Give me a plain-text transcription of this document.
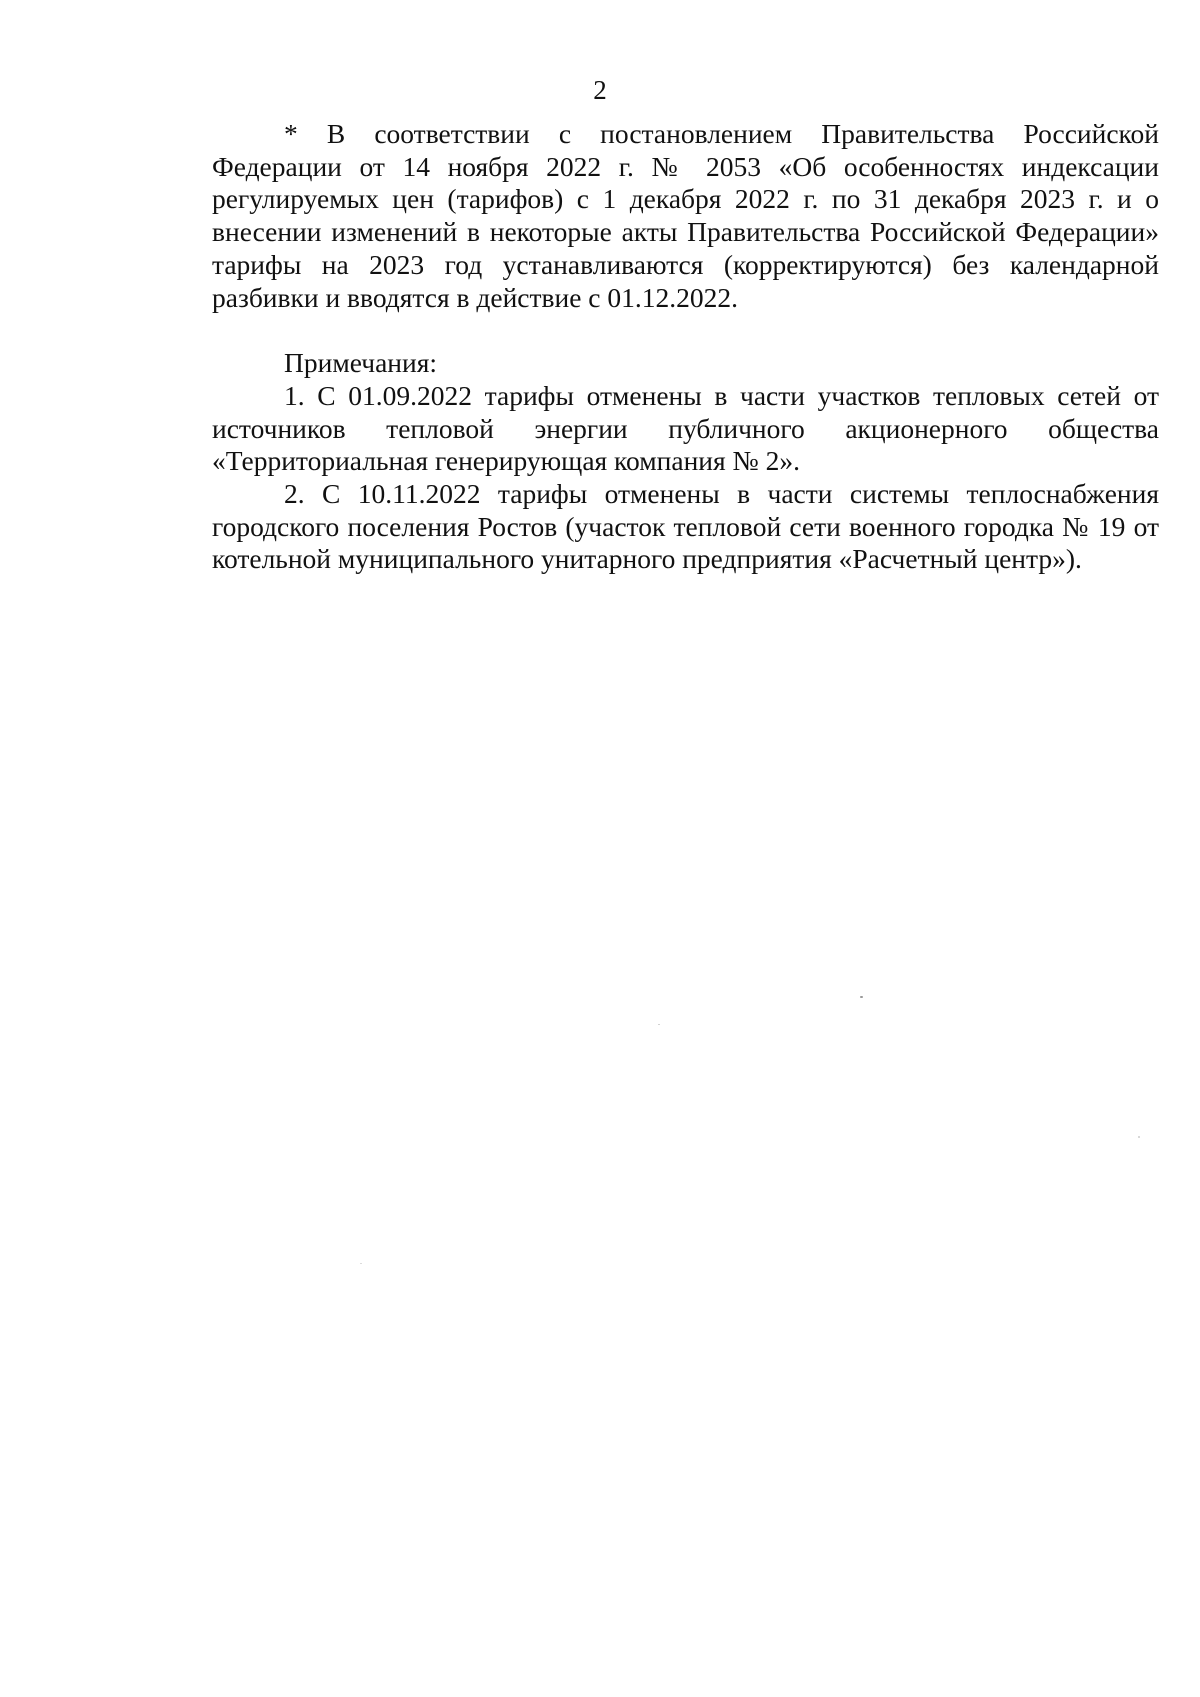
2

* В соответствии с постановлением Правительства Российской Федерации от 14 ноября 2022 г. № 2053 «Об особенностях индексации регулируемых цен (тарифов) с 1 декабря 2022 г. по 31 декабря 2023 г. и о внесении изменений в некоторые акты Правительства Российской Федерации» тарифы на 2023 год устанавливаются (корректируются) без календарной разбивки и вводятся в действие с 01.12.2022.

Примечания:

1. С 01.09.2022 тарифы отменены в части участков тепловых сетей от источников тепловой энергии публичного акционерного общества «Территориальная генерирующая компания № 2».

2. С 10.11.2022 тарифы отменены в части системы теплоснабжения городского поселения Ростов (участок тепловой сети военного городка № 19 от котельной муниципального унитарного предприятия «Расчетный центр»).
